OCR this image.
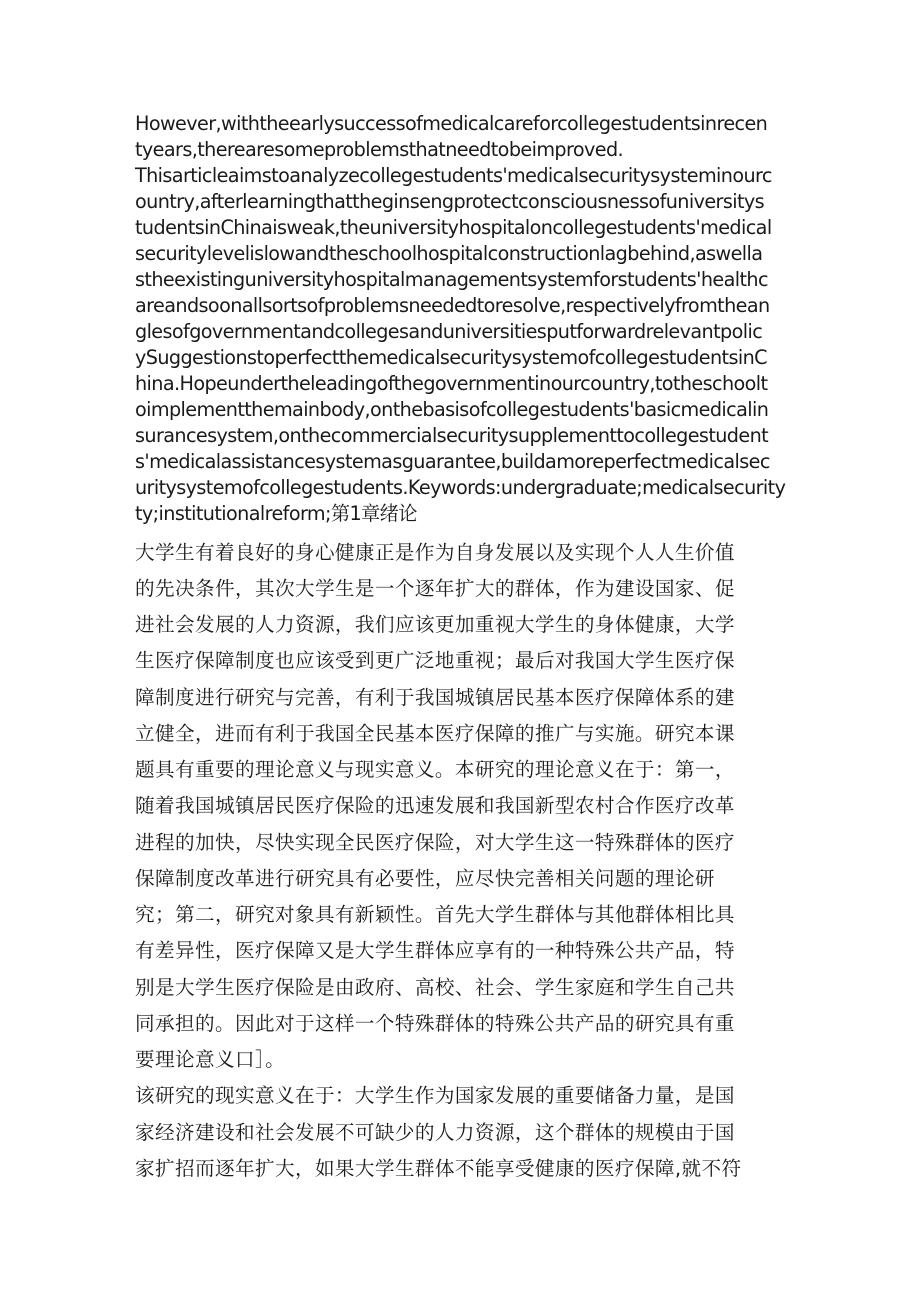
However,withtheearlysuccessofmedicalcareforcollegestudentsinrecen
tyears,therearesomeproblemsthatneedtobeimproved.
Thisarticleaimstoanalyzecollegestudents'medicalsecuritysysteminourc
ountry,afterlearningthattheginsengprotectconsciousnessofuniversitys
tudentsinChinaisweak,theuniversityhospitaloncollegestudents'medical
securitylevelislowandtheschoolhospitalconstructionlagbehind,aswella
stheexistinguniversityhospitalmanagementsystemforstudents'healthc
areandsoonallsortsofproblemsneededtoresolve,respectivelyfromthean
glesofgovernmentandcollegesanduniversitiesputforwardrelevantpolic
ySuggestionstoperfectthemedicalsecuritysystemofcollegestudentsinC
hina.Hopeundertheleadingofthegovernmentinourcountry,totheschoolt
oimplementthemainbody,onthebasisofcollegestudents'basicmedicalin
surancesystem,onthecommercialsecuritysupplementtocollegestudent
s'medicalassistancesystemasguarantee,buildamoreperfectmedicalsec
uritysystemofcollegestudents.Keywords:undergraduate;medicalsecurity
ty;institutionalreform;第1章绪论
大学生有着良好的身心健康正是作为自身发展以及实现个人人生价值
的先决条件，其次大学生是一个逐年扩大的群体，作为建设国家、促
进社会发展的人力资源，我们应该更加重视大学生的身体健康，大学
生医疗保障制度也应该受到更广泛地重视；最后对我国大学生医疗保
障制度进行研究与完善，有利于我国城镇居民基本医疗保障体系的建
立健全，进而有利于我国全民基本医疗保障的推广与实施。研究本课
题具有重要的理论意义与现实意义。本研究的理论意义在于：第一，
随着我国城镇居民医疗保险的迅速发展和我国新型农村合作医疗改革
进程的加快，尽快实现全民医疗保险，对大学生这一特殊群体的医疗
保障制度改革进行研究具有必要性，应尽快完善相关问题的理论研
究；第二，研究对象具有新颖性。首先大学生群体与其他群体相比具
有差异性，医疗保障又是大学生群体应享有的一种特殊公共产品，特
别是大学生医疗保险是由政府、高校、社会、学生家庭和学生自己共
同承担的。因此对于这样一个特殊群体的特殊公共产品的研究具有重
要理论意义口］。
该研究的现实意义在于：大学生作为国家发展的重要储备力量，是国
家经济建设和社会发展不可缺少的人力资源，这个群体的规模由于国
家扩招而逐年扩大，如果大学生群体不能享受健康的医疗保障,就不符
